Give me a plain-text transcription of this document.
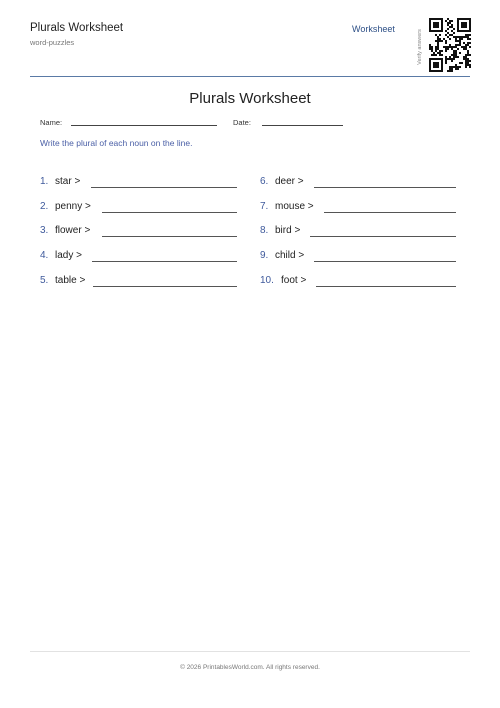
Plurals Worksheet
word-puzzles
Worksheet
Verify answers
Plurals Worksheet
Name:	Date:
Write the plural of each noun on the line.
1. star >
2. penny >
3. flower >
4. lady >
5. table >
6. deer >
7. mouse >
8. bird >
9. child >
10. foot >
© 2026 PrintablesWorld.com. All rights reserved.
